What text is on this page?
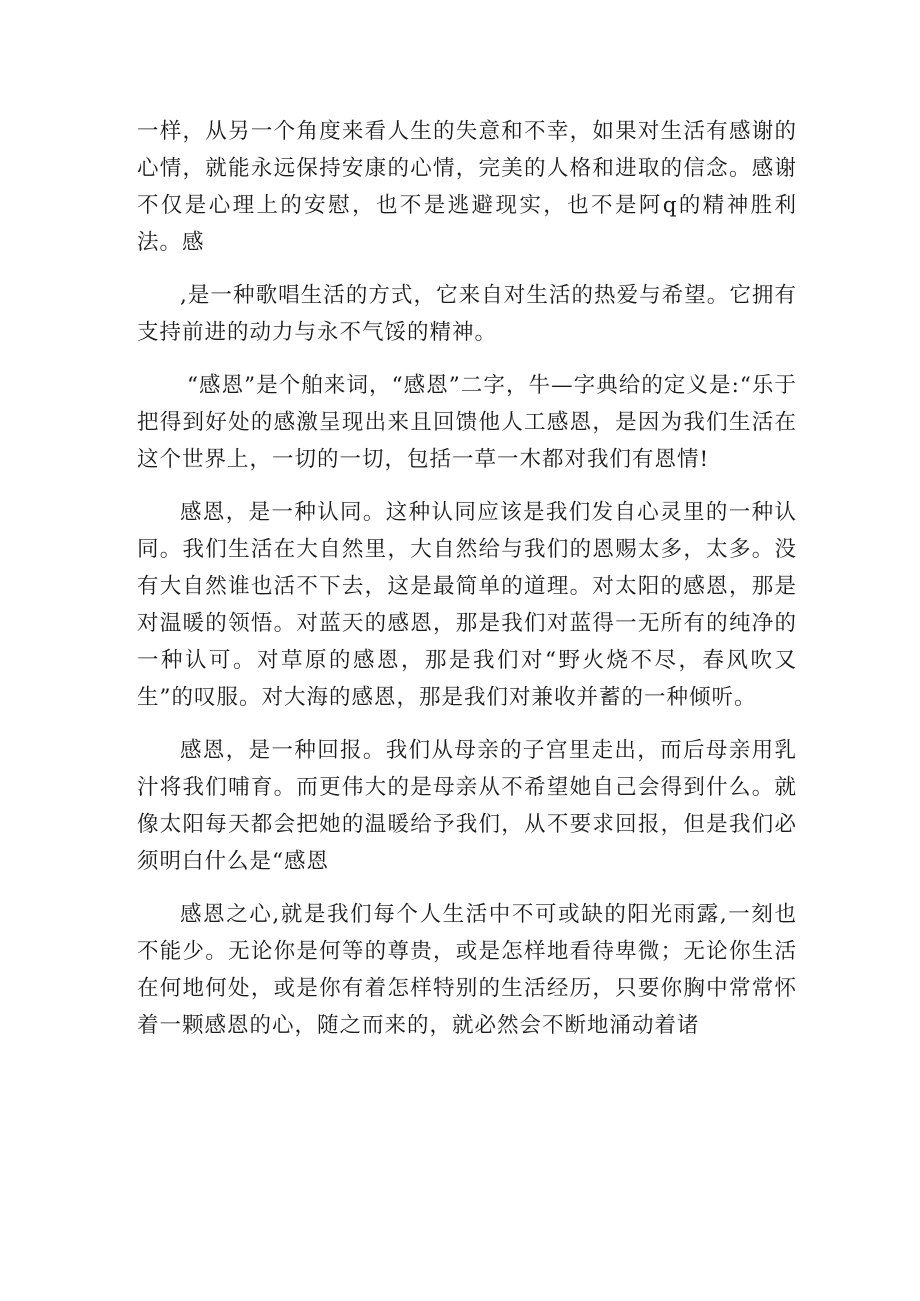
一样，从另一个角度来看人生的失意和不幸，如果对生活有感谢的心情，就能永远保持安康的心情，完美的人格和进取的信念。感谢不仅是心理上的安慰，也不是逃避现实，也不是阿q的精神胜利法。感

,是一种歌唱生活的方式，它来自对生活的热爱与希望。它拥有支持前进的动力与永不气馁的精神。

“感恩”是个舶来词，“感恩”二字，牛—字典给的定义是:“乐于把得到好处的感激呈现出来且回馈他人工感恩，是因为我们生活在这个世界上，一切的一切，包括一草一木都对我们有恩情!

感恩，是一种认同。这种认同应该是我们发自心灵里的一种认同。我们生活在大自然里，大自然给与我们的恩赐太多，太多。没有大自然谁也活不下去，这是最简单的道理。对太阳的感恩，那是对温暖的领悟。对蓝天的感恩，那是我们对蓝得一无所有的纯净的一种认可。对草原的感恩，那是我们对“野火烧不尽，春风吹又生”的叹服。对大海的感恩，那是我们对兼收并蓄的一种倾听。

感恩，是一种回报。我们从母亲的子宫里走出，而后母亲用乳汁将我们哺育。而更伟大的是母亲从不希望她自己会得到什么。就像太阳每天都会把她的温暖给予我们，从不要求回报，但是我们必须明白什么是“感恩

感恩之心,就是我们每个人生活中不可或缺的阳光雨露,一刻也不能少。无论你是何等的尊贵，或是怎样地看待卑微；无论你生活在何地何处，或是你有着怎样特别的生活经历，只要你胸中常常怀着一颗感恩的心，随之而来的，就必然会不断地涌动着诸
